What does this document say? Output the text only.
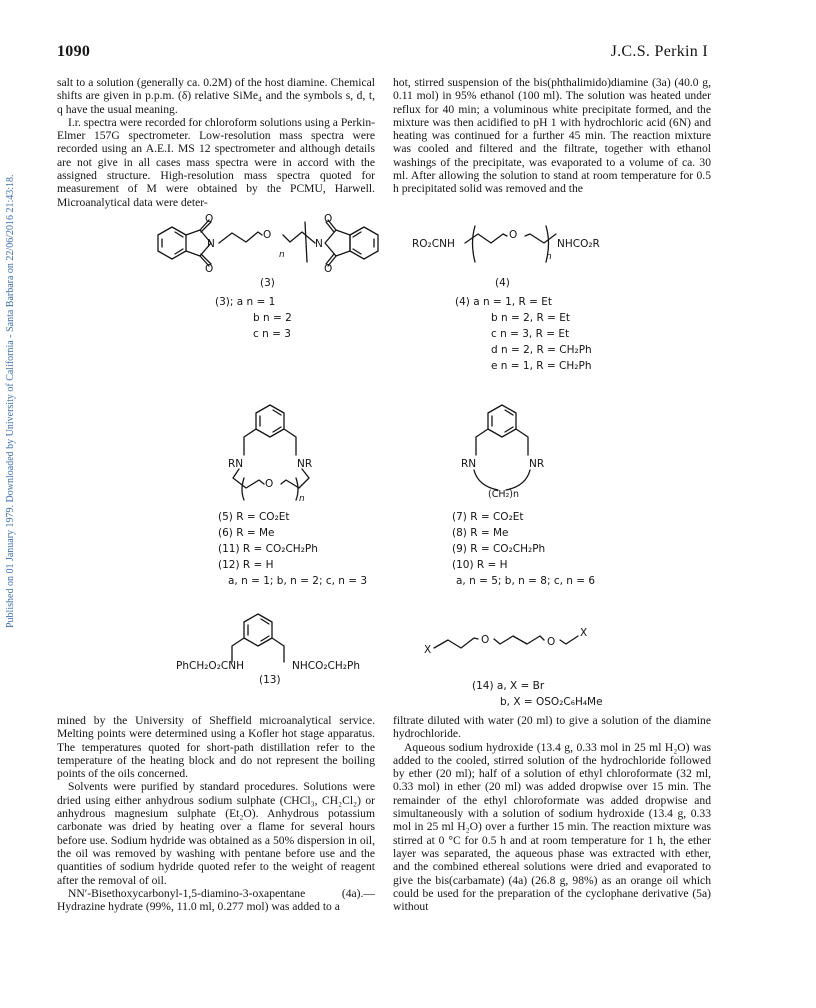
1090	J.C.S. Perkin I
Published on 01 January 1979. Downloaded by University of California - Santa Barbara on 22/06/2016 21:43:18.

salt to a solution (generally ca. 0.2M) of the host diamine. Chemical shifts are given in p.p.m. (δ) relative SiMe₄ and the symbols s, d, t, q have the usual meaning.

I.r. spectra were recorded for chloroform solutions using a Perkin-Elmer 157G spectrometer. Low-resolution mass spectra were recorded using an A.E.I. MS 12 spectrometer and although details are not give in all cases mass spectra were in accord with the assigned structure. High-resolution mass spectra quoted for measurement of M were obtained by the PCMU, Harwell. Microanalytical data were deter-

hot, stirred suspension of the bis(phthalimido)diamine (3a) (40.0 g, 0.11 mol) in 95% ethanol (100 ml). The solution was heated under reflux for 40 min; a voluminous white precipitate formed, and the mixture was then acidified to pH 1 with hydrochloric acid (6N) and heating was continued for a further 45 min. The reaction mixture was cooled and filtered and the filtrate, together with ethanol washings of the precipitate, was evaporated to a volume of ca. 30 ml. After allowing the solution to stand at room temperature for 0.5 h precipitated solid was removed and the

mined by the University of Sheffield microanalytical service. Melting points were determined using a Kofler hot stage apparatus. The temperatures quoted for short-path distillation refer to the temperature of the heating block and do not represent the boiling points of the oils concerned.

Solvents were purified by standard procedures. Solutions were dried using either anhydrous sodium sulphate (CHCl₃, CH₂Cl₂) or anhydrous magnesium sulphate (Et₂O). Anhydrous potassium carbonate was dried by heating over a flame for several hours before use. Sodium hydride was obtained as a 50% dispersion in oil, the oil was removed by washing with pentane before use and the quantities of sodium hydride quoted refer to the weight of reagent after the removal of oil.

NN′-Bisethoxycarbonyl-1,5-diamino-3-oxapentane (4a).— Hydrazine hydrate (99%, 11.0 ml, 0.277 mol) was added to a

filtrate diluted with water (20 ml) to give a solution of the diamine hydrochloride.

Aqueous sodium hydroxide (13.4 g, 0.33 mol in 25 ml H₂O) was added to the cooled, stirred solution of the hydrochloride followed by ether (20 ml); half of a solution of ethyl chloroformate (32 ml, 0.33 mol) in ether (20 ml) was added dropwise over 15 min. The remainder of the ethyl chloroformate was added dropwise and simultaneously with a solution of sodium hydroxide (13.4 g, 0.33 mol in 25 ml H₂O) over a further 15 min. The reaction mixture was stirred at 0 °C for 0.5 h and at room temperature for 1 h, the ether layer was separated, the aqueous phase was extracted with ether, and the combined ethereal solutions were dried and evaporated to give the bis(carbamate) (4a) (26.8 g, 98%) as an orange oil which could be used for the preparation of the cyclophane derivative (5a) without

N
O
n
N
O
O
O
O
RO₂CNH
O
n
NHCO₂R
RN	NR
O
n
RN	NR
(CH₂)n
PhCH₂O₂CNH	NHCO₂CH₂Ph
X
O	O
X
(3)
(3); a n = 1
b n = 2
c n = 3
(4)
(4) a n = 1, R = Et
b n = 2, R = Et
c n = 3, R = Et
d n = 2, R = CH₂Ph
e n = 1, R = CH₂Ph
(5) R = CO₂Et
(6) R = Me
(11) R = CO₂CH₂Ph
(12) R = H
a, n = 1; b, n = 2; c, n = 3
(7) R = CO₂Et
(8) R = Me
(9) R = CO₂CH₂Ph
(10) R = H
a, n = 5; b, n = 8; c, n = 6
(13)	(14) a, X = Br
b, X = OSO₂C₆H₄Me
